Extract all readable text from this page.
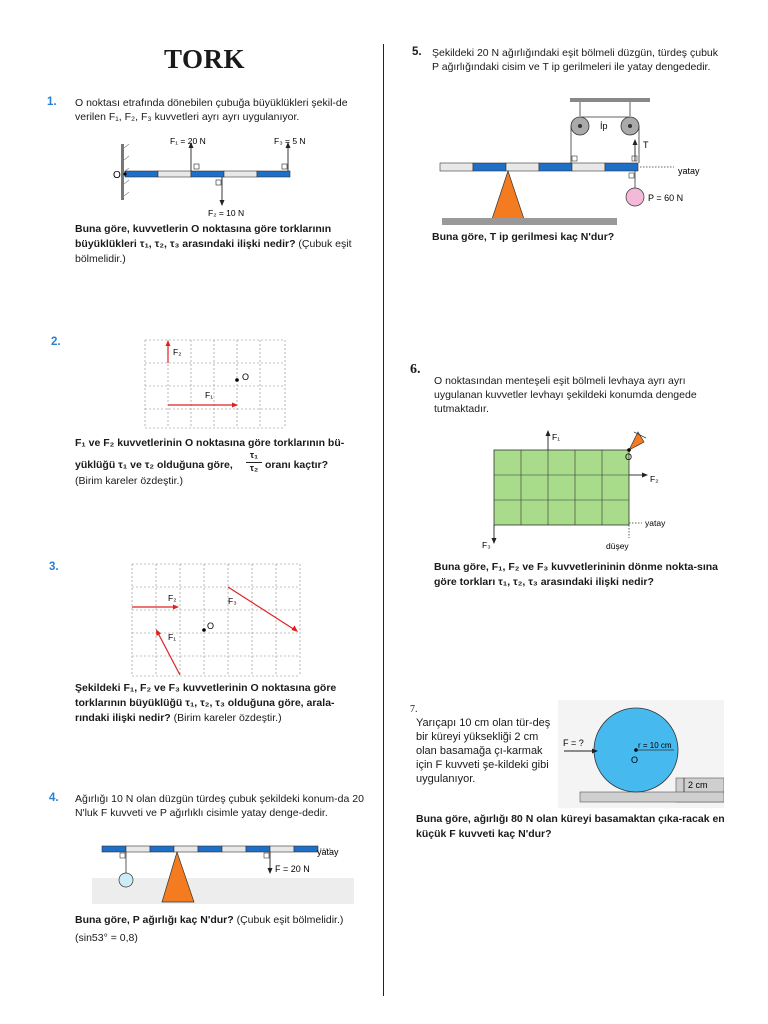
TORK
1. O noktası etrafında dönebilen çubuğa büyüklükleri şekil-de verilen F₁, F₂, F₃ kuvvetleri ayrı ayrı uygulanıyor.
O
F₁ = 20 N	F₃ = 5 N
F₂ = 10 N
Buna göre, kuvvetlerin O noktasına göre torklarının büyüklükleri τ₁, τ₂, τ₃ arasındaki ilişki nedir? (Çubuk eşit bölmelidir.)
2.
F₂
F₁
O
F₁ ve F₂ kuvvetlerinin O noktasına göre torklarının bü-
yüklüğü τ₁ ve τ₂ olduğuna göre, $\frac{\text{τ₁}}{\text{τ₂}}$ oranı kaçtır?
(Birim kareler özdeştir.)
3.
F₂	F₃
F₁
O
Şekildeki F₁, F₂ ve F₃ kuvvetlerinin O noktasına göre torklarının büyüklüğü τ₁, τ₂, τ₃ olduğuna göre, arala-rındaki ilişki nedir? (Birim kareler özdeştir.)
4. Ağırlığı 10 N olan düzgün türdeş çubuk şekildeki konum-da 20 N'luk F kuvveti ve P ağırlıklı cisimle yatay denge-dedir.
yatay
F = 20 N
Buna göre, P ağırlığı kaç N'dur? (Çubuk eşit bölmelidir.)
(sin53° = 0,8)
5. Şekildeki 20 N ağırlığındaki eşit bölmeli düzgün, türdeş çubuk P ağırlığındaki cisim ve T ip gerilmeleri ile yatay dengededir.
İp
T
yatay
P = 60 N
Buna göre, T ip gerilmesi kaç N'dur?
6.
O noktasından menteşeli eşit bölmeli levhaya ayrı ayrı uygulanan kuvvetler levhayı şekildeki konumda dengede tutmaktadır.
O
F₁
F₂
F₃
yatay
düşey
Buna göre, F₁, F₂ ve F₃ kuvvetlerininin dönme nokta-sına göre torkları τ₁, τ₂, τ₃ arasındaki ilişki nedir?
7.
Yarıçapı 10 cm olan tür-deş bir küreyi yüksekliği 2 cm olan basamağa çı-karmak için F kuvveti şe-kildeki gibi uygulanıyor.
O
F = ?	r = 10 cm
2 cm
Buna göre, ağırlığı 80 N olan küreyi basamaktan çıka-racak en küçük F kuvveti kaç N'dur?
